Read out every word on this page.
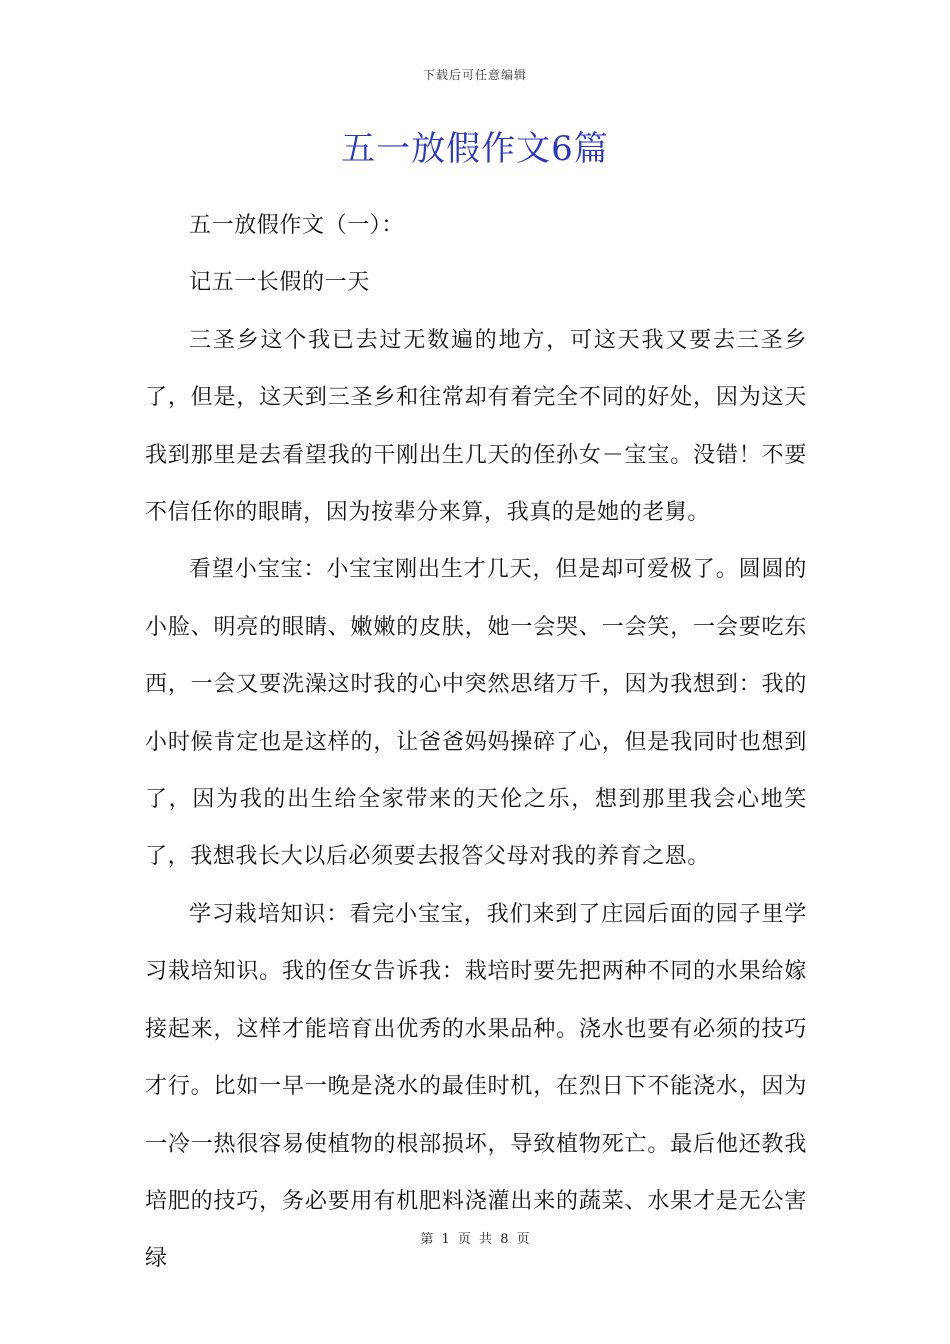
下载后可任意编辑
五一放假作文6篇

五一放假作文（一）：

记五一长假的一天

三圣乡这个我已去过无数遍的地方，可这天我又要去三圣乡了，但是，这天到三圣乡和往常却有着完全不同的好处，因为这天我到那里是去看望我的干刚出生几天的侄孙女－宝宝。没错！不要不信任你的眼睛，因为按辈分来算，我真的是她的老舅。

看望小宝宝：小宝宝刚出生才几天，但是却可爱极了。圆圆的小脸、明亮的眼睛、嫩嫩的皮肤，她一会哭、一会笑，一会要吃东西，一会又要洗澡这时我的心中突然思绪万千，因为我想到：我的小时候肯定也是这样的，让爸爸妈妈操碎了心，但是我同时也想到了，因为我的出生给全家带来的天伦之乐，想到那里我会心地笑了，我想我长大以后必须要去报答父母对我的养育之恩。

学习栽培知识：看完小宝宝，我们来到了庄园后面的园子里学习栽培知识。我的侄女告诉我：栽培时要先把两种不同的水果给嫁接起来，这样才能培育出优秀的水果品种。浇水也要有必须的技巧才行。比如一早一晚是浇水的最佳时机，在烈日下不能浇水，因为一冷一热很容易使植物的根部损坏，导致植物死亡。最后他还教我培肥的技巧，务必要用有机肥料浇灌出来的蔬菜、水果才是无公害绿

第 1 页 共 8 页
